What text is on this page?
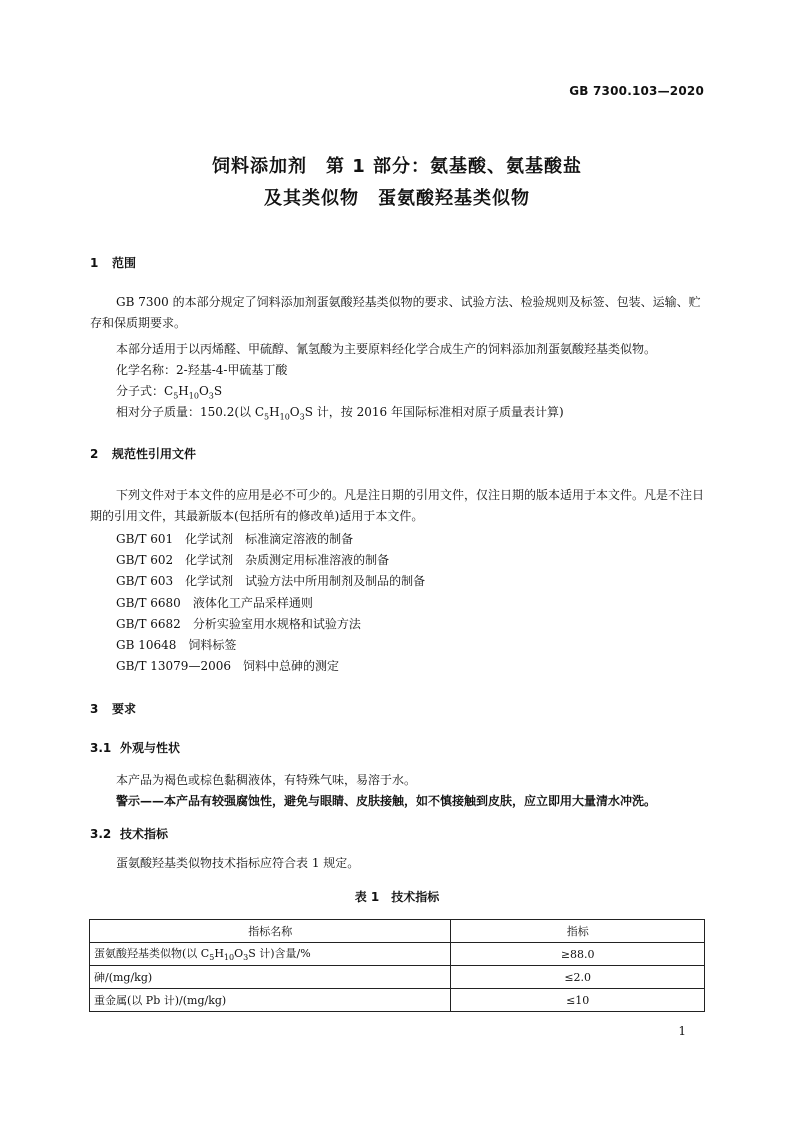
GB 7300.103—2020
饲料添加剂　第 1 部分：氨基酸、氨基酸盐
及其类似物　蛋氨酸羟基类似物
1 范围
GB 7300 的本部分规定了饲料添加剂蛋氨酸羟基类似物的要求、试验方法、检验规则及标签、包装、运输、贮存和保质期要求。
本部分适用于以丙烯醛、甲硫醇、氰氢酸为主要原料经化学合成生产的饲料添加剂蛋氨酸羟基类似物。
化学名称：2-羟基-4-甲硫基丁酸
分子式：$C_5H_{10}O_3S$
相对分子质量：150.2(以 $C_5H_{10}O_3S$ 计，按 2016 年国际标准相对原子质量表计算)
2 规范性引用文件
下列文件对于本文件的应用是必不可少的。凡是注日期的引用文件，仅注日期的版本适用于本文件。凡是不注日期的引用文件，其最新版本(包括所有的修改单)适用于本文件。
GB/T 601 化学试剂　标准滴定溶液的制备
GB/T 602 化学试剂　杂质测定用标准溶液的制备
GB/T 603 化学试剂　试验方法中所用制剂及制品的制备
GB/T 6680 液体化工产品采样通则
GB/T 6682 分析实验室用水规格和试验方法
GB 10648 饲料标签
GB/T 13079—2006 饲料中总砷的测定
3 要求
3.1 外观与性状
本产品为褐色或棕色黏稠液体，有特殊气味，易溶于水。
警示——本产品有较强腐蚀性，避免与眼睛、皮肤接触，如不慎接触到皮肤，应立即用大量清水冲洗。
3.2 技术指标
蛋氨酸羟基类似物技术指标应符合表 1 规定。
表 1　技术指标
指标名称	指标
蛋氨酸羟基类似物(以 $C_5H_{10}O_3S$ 计)含量/%	≥88.0
砷/(mg/kg)	≤2.0
重金属(以 Pb 计)/(mg/kg)	≤10
1
